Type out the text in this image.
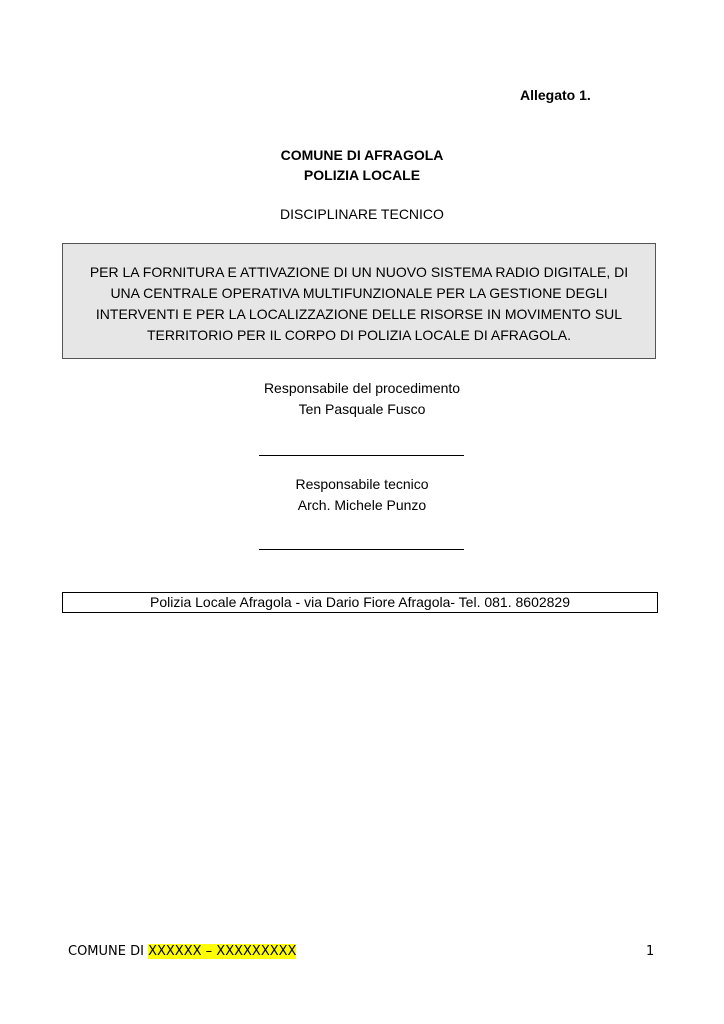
Allegato 1.
COMUNE DI AFRAGOLA
POLIZIA LOCALE
DISCIPLINARE TECNICO
PER LA FORNITURA E ATTIVAZIONE DI UN NUOVO SISTEMA RADIO DIGITALE, DI
UNA CENTRALE OPERATIVA MULTIFUNZIONALE PER LA GESTIONE DEGLI
INTERVENTI E PER LA LOCALIZZAZIONE DELLE RISORSE IN MOVIMENTO SUL
TERRITORIO PER IL CORPO DI POLIZIA LOCALE DI AFRAGOLA.
Responsabile del procedimento
Ten Pasquale Fusco
Responsabile tecnico
Arch. Michele Punzo
Polizia Locale Afragola - via Dario Fiore Afragola- Tel. 081. 8602829
COMUNE DI XXXXXX – XXXXXXXXX	1
